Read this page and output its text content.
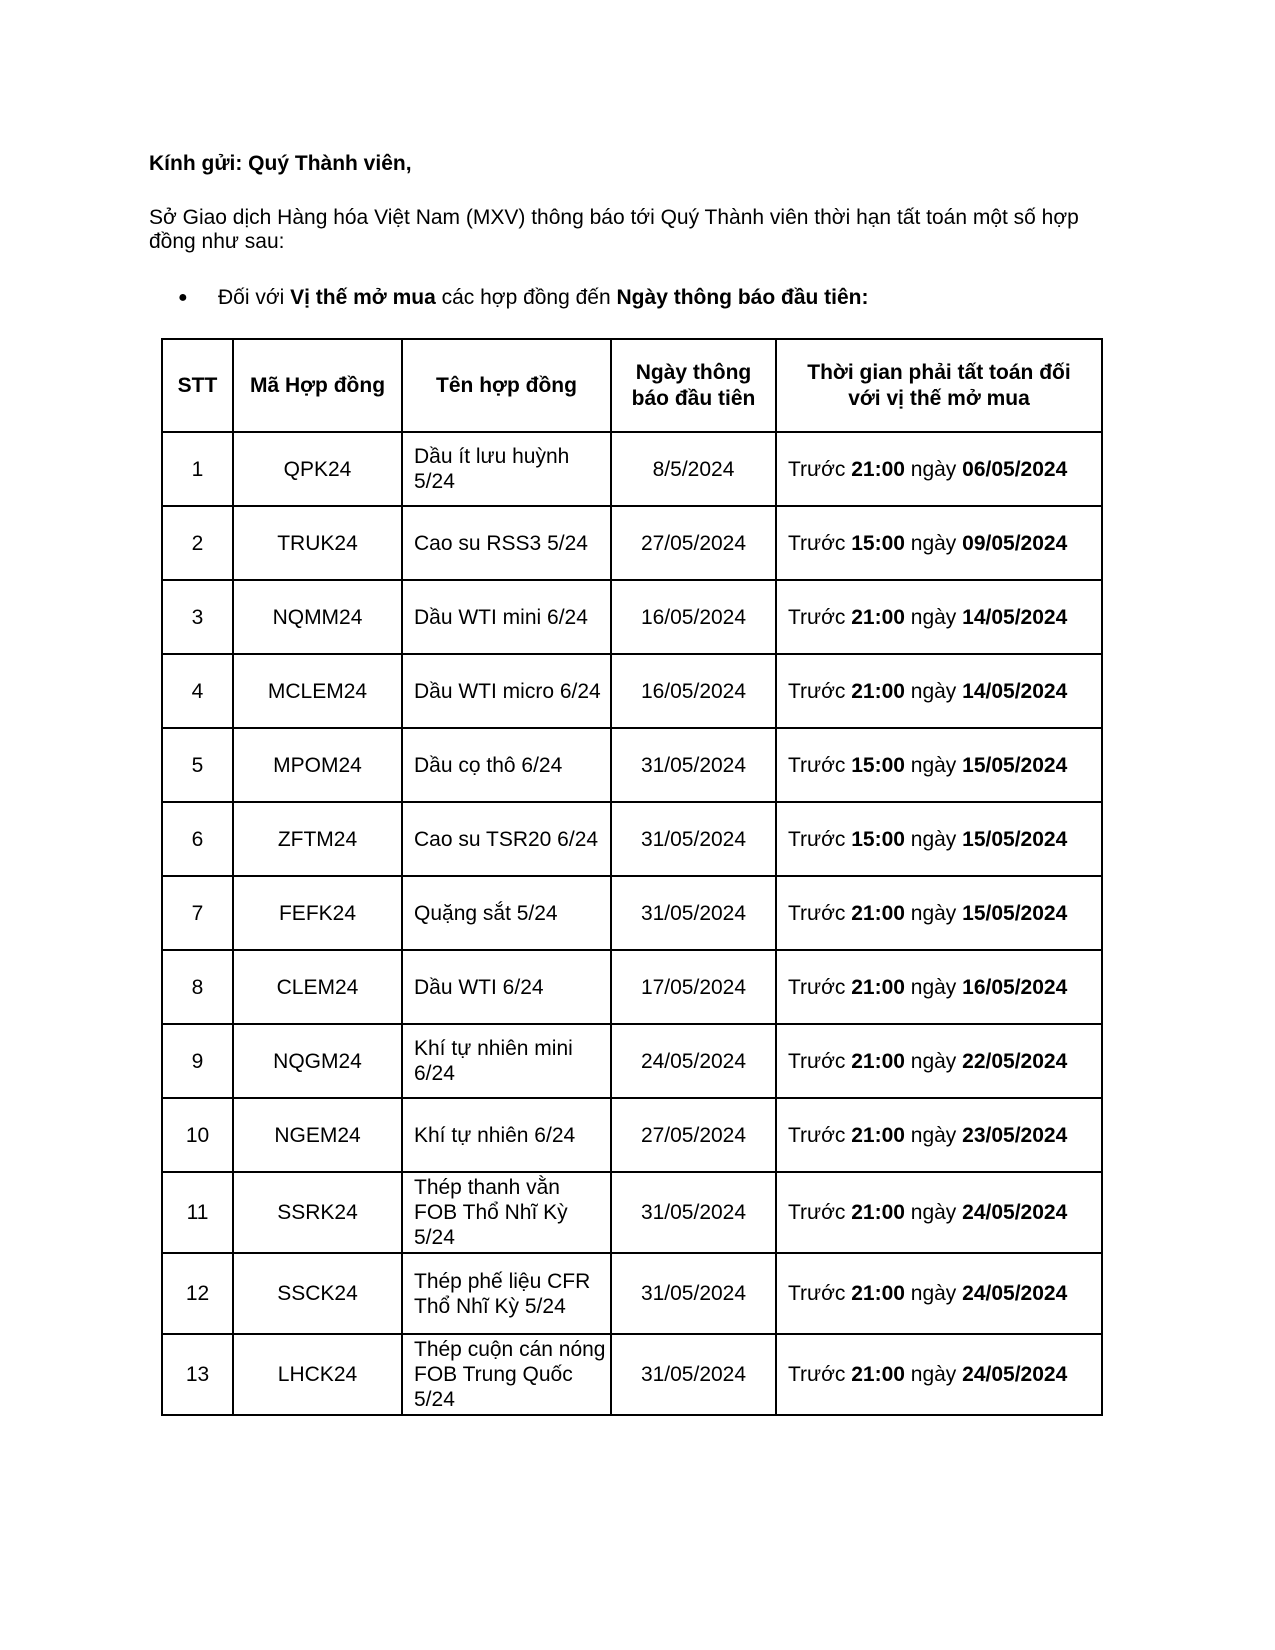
Kính gửi: Quý Thành viên,
Sở Giao dịch Hàng hóa Việt Nam (MXV) thông báo tới Quý Thành viên thời hạn tất toán một số hợp đồng như sau:
● Đối với Vị thế mở mua các hợp đồng đến Ngày thông báo đầu tiên:
STT	Mã Hợp đồng	Tên hợp đồng	Ngày thông báo đầu tiên	Thời gian phải tất toán đối với vị thế mở mua
1	QPK24	Dầu ít lưu huỳnh 5/24	8/5/2024	Trước 21:00 ngày 06/05/2024
2	TRUK24	Cao su RSS3 5/24	27/05/2024	Trước 15:00 ngày 09/05/2024
3	NQMM24	Dầu WTI mini 6/24	16/05/2024	Trước 21:00 ngày 14/05/2024
4	MCLEM24	Dầu WTI micro 6/24	16/05/2024	Trước 21:00 ngày 14/05/2024
5	MPOM24	Dầu cọ thô 6/24	31/05/2024	Trước 15:00 ngày 15/05/2024
6	ZFTM24	Cao su TSR20 6/24	31/05/2024	Trước 15:00 ngày 15/05/2024
7	FEFK24	Quặng sắt 5/24	31/05/2024	Trước 21:00 ngày 15/05/2024
8	CLEM24	Dầu WTI 6/24	17/05/2024	Trước 21:00 ngày 16/05/2024
9	NQGM24	Khí tự nhiên mini 6/24	24/05/2024	Trước 21:00 ngày 22/05/2024
10	NGEM24	Khí tự nhiên 6/24	27/05/2024	Trước 21:00 ngày 23/05/2024
11	SSRK24	Thép thanh vằn FOB Thổ Nhĩ Kỳ 5/24	31/05/2024	Trước 21:00 ngày 24/05/2024
12	SSCK24	Thép phế liệu CFR Thổ Nhĩ Kỳ 5/24	31/05/2024	Trước 21:00 ngày 24/05/2024
13	LHCK24	Thép cuộn cán nóng FOB Trung Quốc 5/24	31/05/2024	Trước 21:00 ngày 24/05/2024
